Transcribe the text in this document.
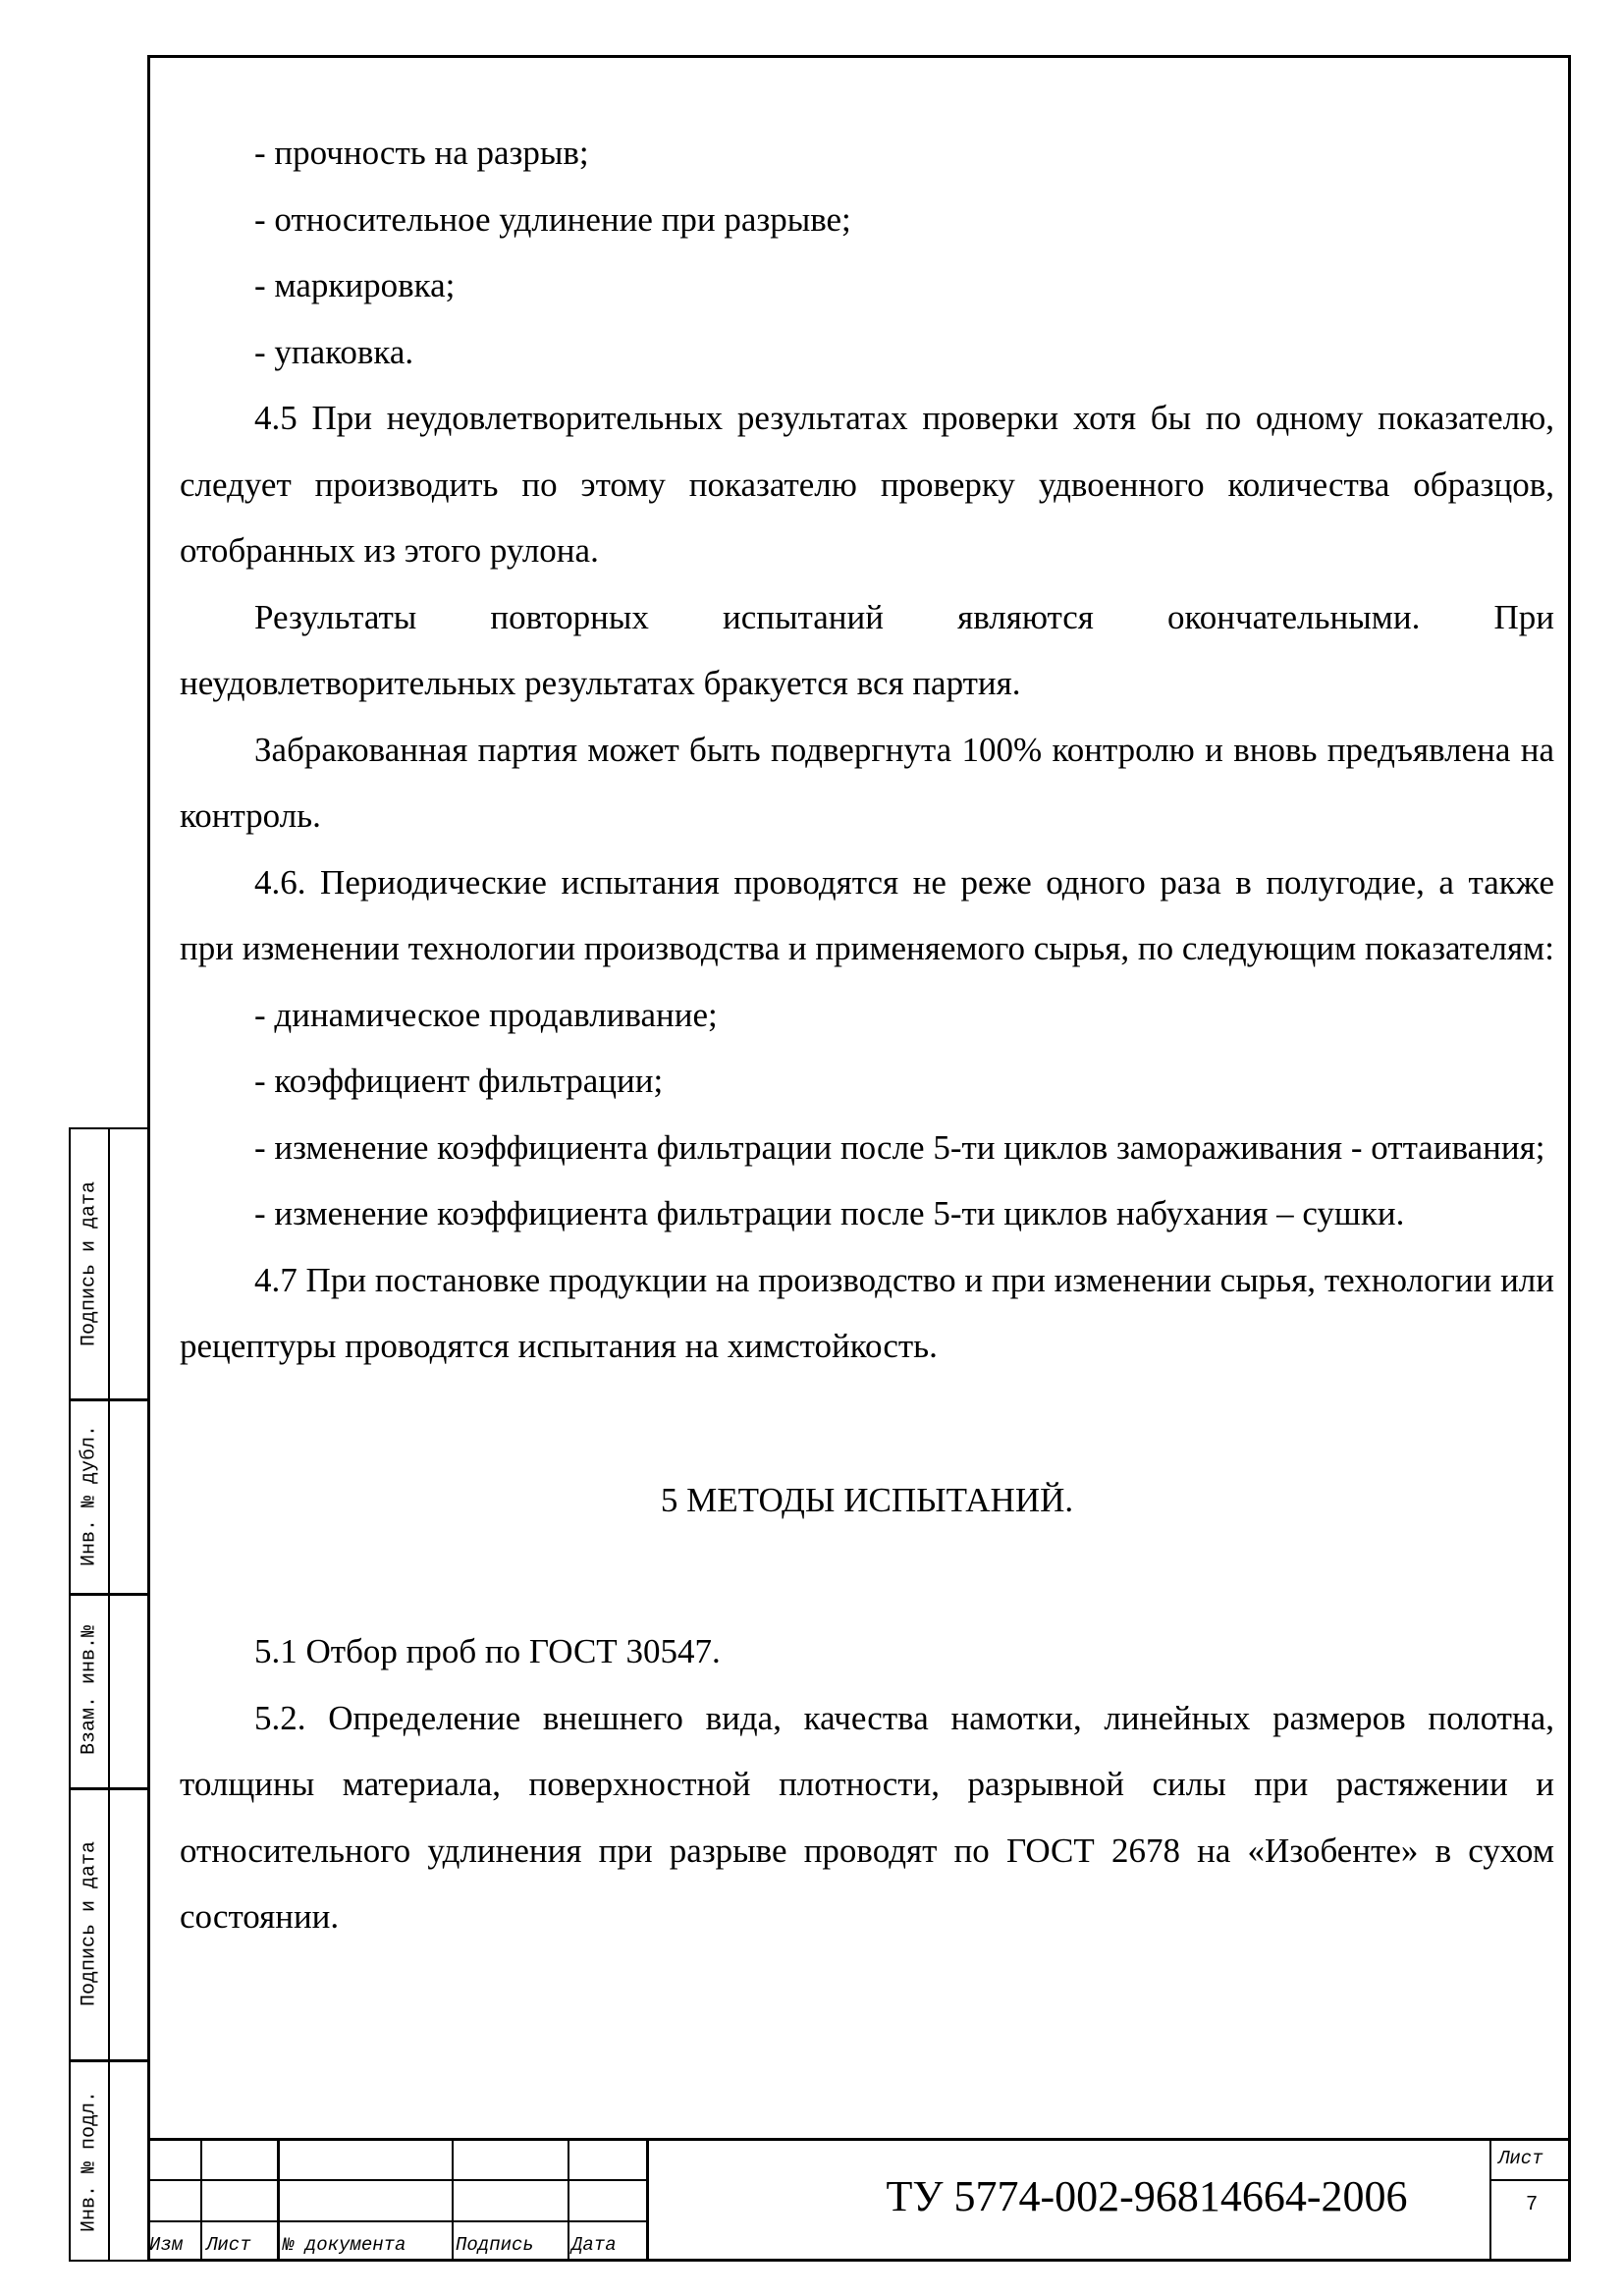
- прочность на разрыв;

- относительное удлинение при разрыве;

- маркировка;

- упаковка.

4.5 При неудовлетворительных результатах проверки хотя бы по одному показателю, следует производить по этому показателю проверку удвоенного количества образцов, отобранных из этого рулона.

Результаты повторных испытаний являются окончательными. При неудовлетворительных результатах бракуется вся партия.

Забракованная партия может быть подвергнута 100% контролю и вновь предъявлена на контроль.

4.6. Периодические испытания проводятся не реже одного раза в полугодие, а также при изменении технологии производства и применяемого сырья, по следующим показателям:

- динамическое продавливание;

- коэффициент фильтрации;

- изменение коэффициента фильтрации после 5-ти циклов замораживания - оттаивания;

- изменение коэффициента фильтрации после 5-ти циклов набухания – сушки.

4.7 При постановке продукции на производство и при изменении сырья, технологии или рецептуры проводятся испытания на химстойкость.

5 МЕТОДЫ ИСПЫТАНИЙ.

5.1 Отбор проб по ГОСТ 30547.

5.2. Определение внешнего вида, качества намотки, линейных размеров полотна, толщины материала, поверхностной плотности, разрывной силы при растяжении и относительного удлинения при разрыве проводят по ГОСТ 2678 на «Изобенте» в сухом состоянии.

Подпись и дата
Инв. № дубл.
Взам. инв.№
Подпись и дата
Инв. № подл.
Изм Лист № документа	Подпись Дата
ТУ 5774-002-96814664-2006
Лист
7
